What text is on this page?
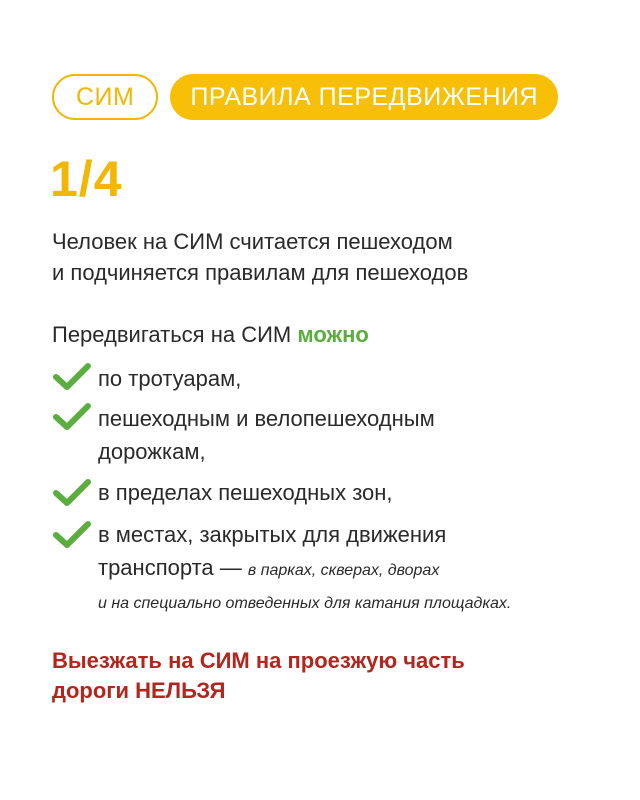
СИМ	ПРАВИЛА ПЕРЕДВИЖЕНИЯ
1/4
Человек на СИМ считается пешеходом
и подчиняется правилам для пешеходов
Передвигаться на СИМ можно
по тротуарам,
пешеходным и велопешеходным
дорожкам,
в пределах пешеходных зон,
в местах, закрытых для движения
транспорта — в парках, скверах, дворах
и на специально отведенных для катания площадках.
Выезжать на СИМ на проезжую часть
дороги НЕЛЬЗЯ
